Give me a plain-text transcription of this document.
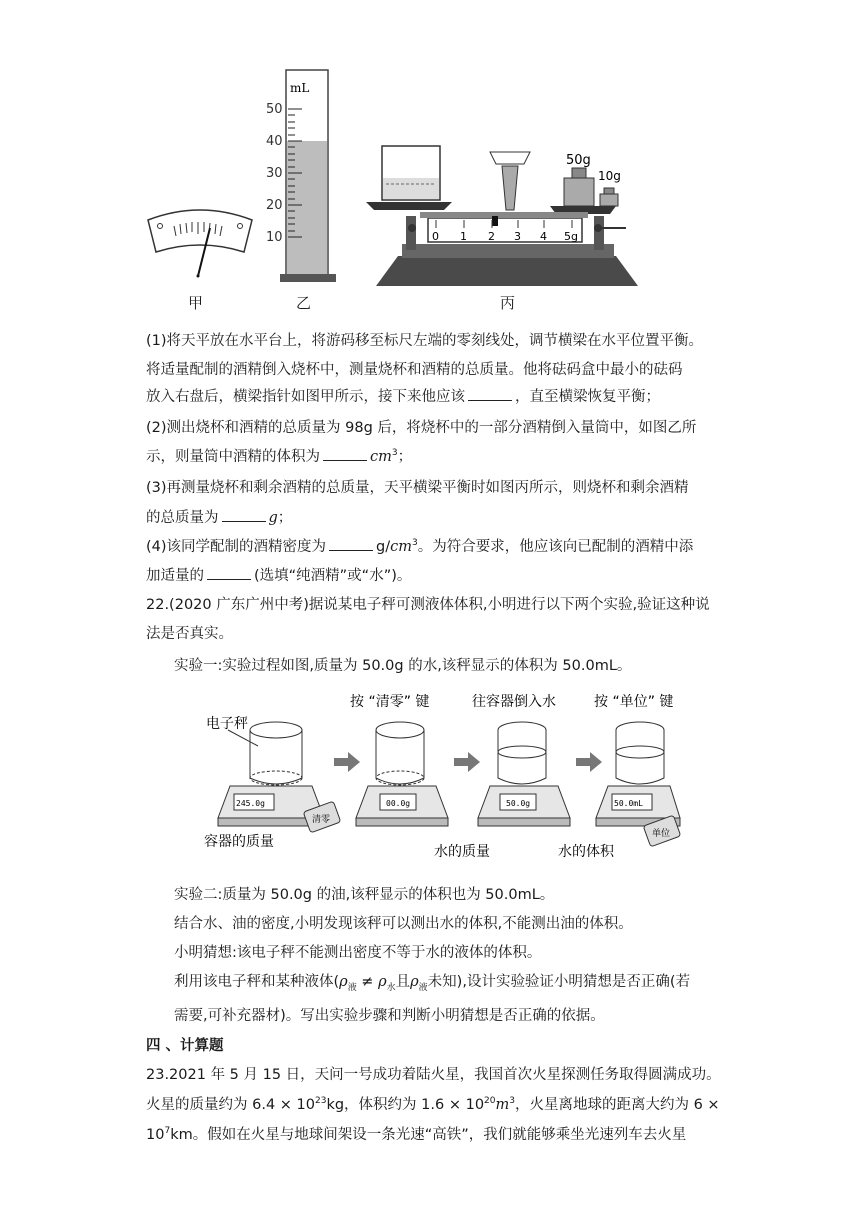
mL
50
40
30
20
10
50g
10g
0 1 2 3 4 5g
甲	乙	丙
(1)将天平放在水平台上，将游码移至标尺左端的零刻线处，调节横梁在水平位置平衡。
将适量配制的酒精倒入烧杯中，测量烧杯和酒精的总质量。他将砝码盒中最小的砝码
放入右盘后，横梁指针如图甲所示，接下来他应该	，直至横梁恢复平衡；
(2)测出烧杯和酒精的总质量为 98g 后，将烧杯中的一部分酒精倒入量筒中，如图乙所
示，则量筒中酒精的体积为	$cm^3$；
(3)再测量烧杯和剩余酒精的总质量，天平横梁平衡时如图丙所示，则烧杯和剩余酒精
的总质量为	g；
(4)该同学配制的酒精密度为	$g/cm^3$。为符合要求，他应该向已配制的酒精中添
加适量的	(选填“纯酒精”或“水”)。
22.(2020 广东广州中考)据说某电子秤可测液体体积,小明进行以下两个实验,验证这种说
法是否真实。
实验一:实验过程如图,质量为 50.0g 的水,该秤显示的体积为 50.0mL。
电子秤
按 “清零” 键	往容器倒入水	按 “单位” 键
245.0g	00.0g
清零
50.0g	50.0mL
单位
容器的质量
水的质量	水的体积
实验二:质量为 50.0g 的油,该秤显示的体积也为 50.0mL。
结合水、油的密度,小明发现该秤可以测出水的体积,不能测出油的体积。
小明猜想:该电子秤不能测出密度不等于水的液体的体积。
利用该电子秤和某种液体($\rho_液 \ne \rho_水$且$\rho_液$未知),设计实验验证小明猜想是否正确(若
需要,可补充器材)。写出实验步骤和判断小明猜想是否正确的依据。
四 、计算题
23.2021 年 5 月 15 日，天问一号成功着陆火星，我国首次火星探测任务取得圆满成功。
火星的质量约为 $6.4 \times 10^{23}kg$，体积约为 $1.6 \times 10^{20}m^3$，火星离地球的距离大约为 6 ×
$10^7km$。假如在火星与地球间架设一条光速“高铁”，我们就能够乘坐光速列车去火星
